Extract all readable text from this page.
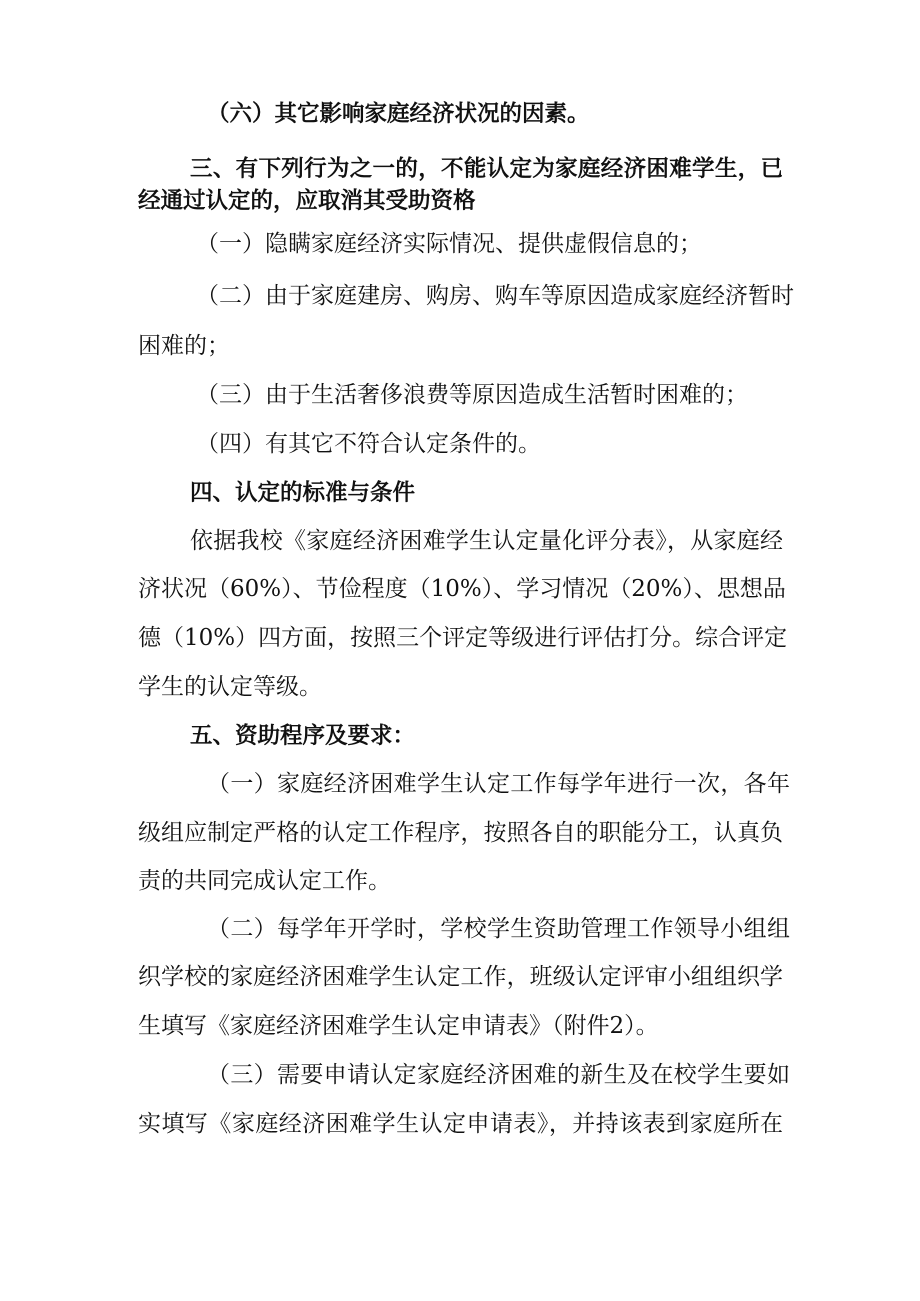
（六）其它影响家庭经济状况的因素。
三、有下列行为之一的，不能认定为家庭经济困难学生，已
经通过认定的，应取消其受助资格
（一）隐瞒家庭经济实际情况、提供虚假信息的；
（二）由于家庭建房、购房、购车等原因造成家庭经济暂时
困难的；
（三）由于生活奢侈浪费等原因造成生活暂时困难的；
（四）有其它不符合认定条件的。
四、认定的标准与条件
依据我校《家庭经济困难学生认定量化评分表》，从家庭经
济状况（60%）、节俭程度（10%）、学习情况（20%）、思想品
德（10%）四方面，按照三个评定等级进行评估打分。综合评定
学生的认定等级。
五、资助程序及要求：
（一）家庭经济困难学生认定工作每学年进行一次，各年
级组应制定严格的认定工作程序，按照各自的职能分工，认真负
责的共同完成认定工作。
（二）每学年开学时，学校学生资助管理工作领导小组组
织学校的家庭经济困难学生认定工作，班级认定评审小组组织学
生填写《家庭经济困难学生认定申请表》（附件2）。
（三）需要申请认定家庭经济困难的新生及在校学生要如
实填写《家庭经济困难学生认定申请表》，并持该表到家庭所在
